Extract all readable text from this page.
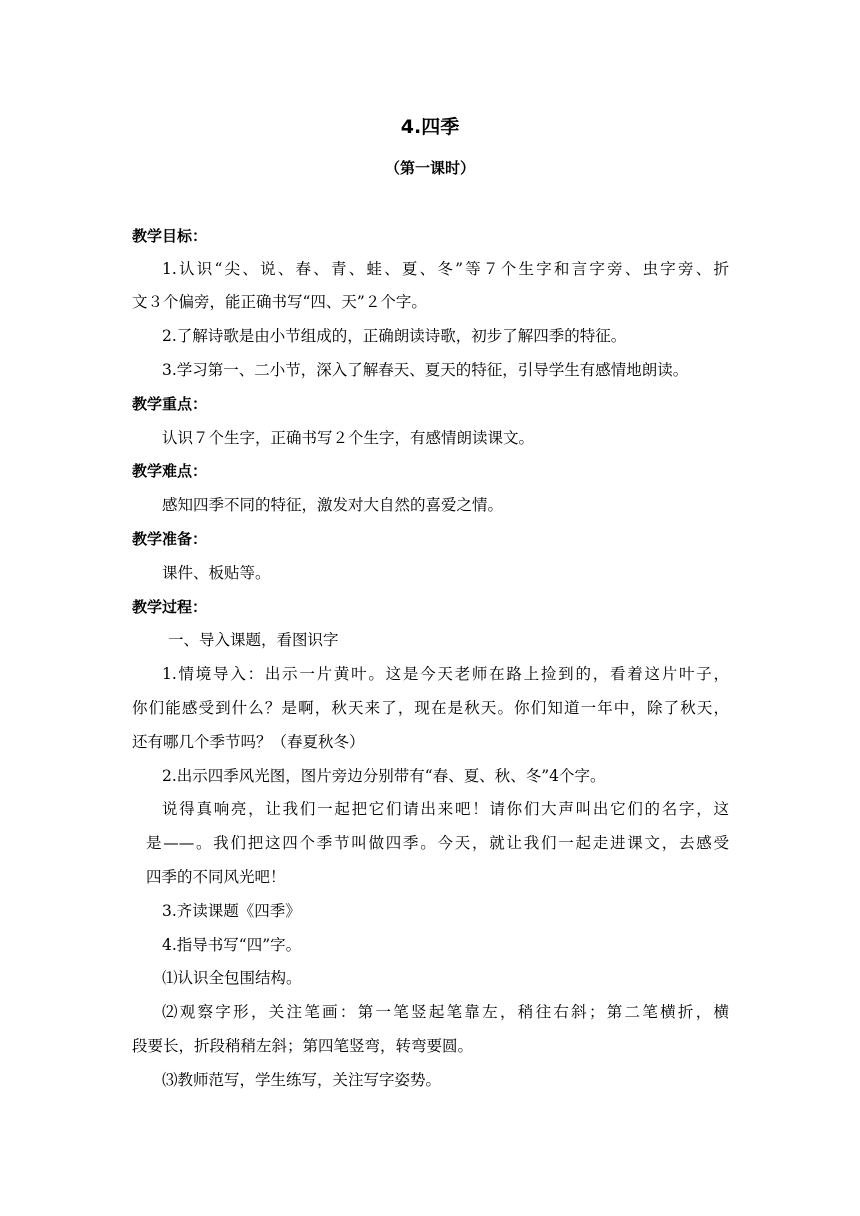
4.四季
（第一课时）
教学目标：
1.认识“尖、说、春、青、蛙、夏、冬”等７个生字和言字旁、虫字旁、折
文３个偏旁，能正确书写“四、天”２个字。
2.了解诗歌是由小节组成的，正确朗读诗歌，初步了解四季的特征。
3.学习第一、二小节，深入了解春天、夏天的特征，引导学生有感情地朗读。
教学重点：
认识７个生字，正确书写２个生字，有感情朗读课文。
教学难点：
感知四季不同的特征，激发对大自然的喜爱之情。
教学准备：
课件、板贴等。
教学过程：
一、导入课题，看图识字
1.情境导入：出示一片黄叶。这是今天老师在路上捡到的，看着这片叶子，
你们能感受到什么？是啊，秋天来了，现在是秋天。你们知道一年中，除了秋天，
还有哪几个季节吗？（春夏秋冬）
2.出示四季风光图，图片旁边分别带有“春、夏、秋、冬”4个字。
说得真响亮，让我们一起把它们请出来吧！请你们大声叫出它们的名字，这
是——。我们把这四个季节叫做四季。今天，就让我们一起走进课文，去感受
四季的不同风光吧！
3.齐读课题《四季》
4.指导书写“四”字。
⑴认识全包围结构。
⑵观察字形，关注笔画：第一笔竖起笔靠左，稍往右斜；第二笔横折，横
段要长，折段稍稍左斜；第四笔竖弯，转弯要圆。
⑶教师范写，学生练写，关注写字姿势。
